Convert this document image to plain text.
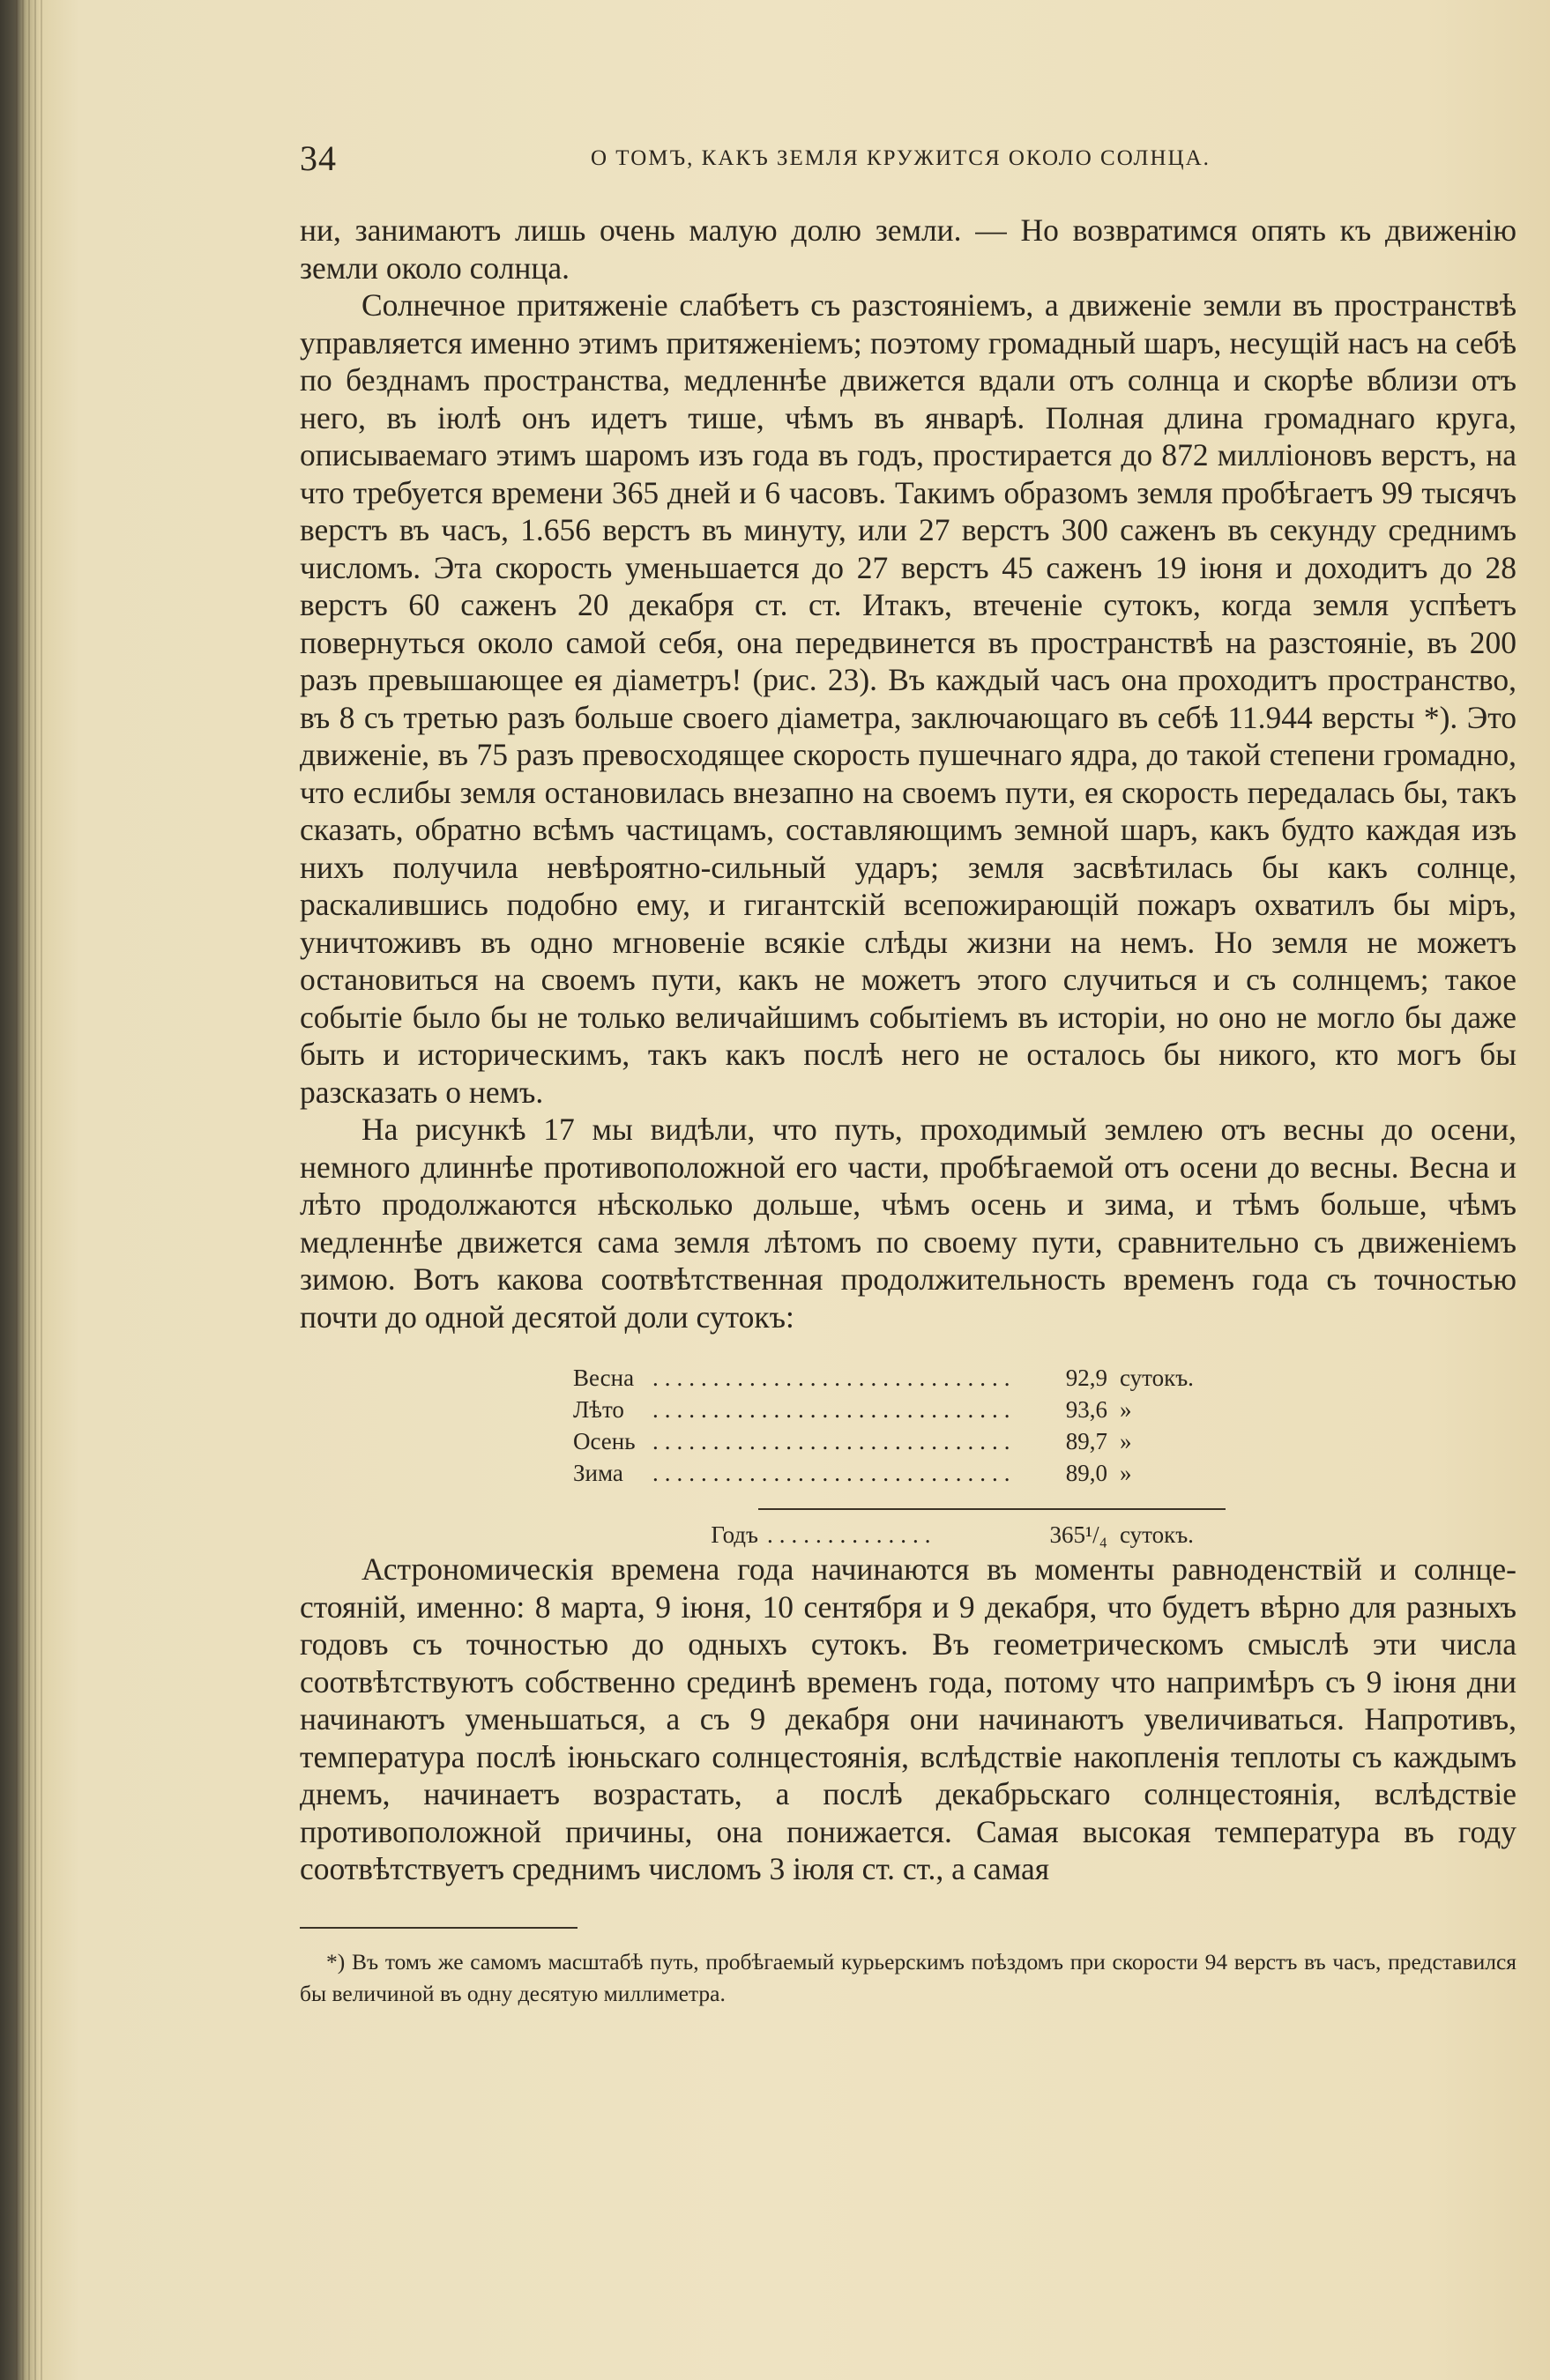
34	О ТОМЪ, КАКЪ ЗЕМЛЯ КРУЖИТСЯ ОКОЛО СОЛНЦА.

ни, занимаютъ лишь очень малую долю земли. — Но возвратимся опять къ движенію земли около солнца.

Солнечное притяженіе слабѣетъ съ разстояніемъ, а движеніе земли въ пространствѣ управляется именно этимъ притяженіемъ; поэтому громадный шаръ, несущій насъ на себѣ по безднамъ пространства, медленнѣе движется вдали отъ солнца и скорѣе вблизи отъ него, въ іюлѣ онъ идетъ тише, чѣмъ въ январѣ. Полная длина громаднаго круга, описываемаго этимъ шаромъ изъ года въ годъ, простирается до 872 милліоновъ верстъ, на что требуется времени 365 дней и 6 часовъ. Такимъ образомъ земля пробѣгаетъ 99 тысячъ верстъ въ часъ, 1.656 верстъ въ минуту, или 27 верстъ 300 саженъ въ секунду среднимъ числомъ. Эта скорость уменьшается до 27 верстъ 45 саженъ 19 іюня и доходитъ до 28 верстъ 60 саженъ 20 декабря ст. ст. Итакъ, втеченіе сутокъ, когда земля успѣетъ повернуться около самой себя, она передвинется въ пространствѣ на разстояніе, въ 200 разъ превышающее ея діаметръ! (рис. 23). Въ каждый часъ она проходитъ пространство, въ 8 съ третью разъ больше своего діаметра, заключающаго въ себѣ 11.944 версты *). Это движеніе, въ 75 разъ превосходящее скорость пушечнаго ядра, до такой степени громадно, что еслибы земля остановилась внезапно на своемъ пути, ея скорость передалась бы, такъ сказать, обратно всѣмъ частицамъ, составляющимъ земной шаръ, какъ будто каждая изъ нихъ получила невѣроятно-сильный ударъ; земля засвѣтилась бы какъ солнце, раскалившись подобно ему, и гигантскій всепожирающій пожаръ охватилъ бы міръ, уничтоживъ въ одно мгновеніе всякіе слѣды жизни на немъ. Но земля не можетъ остановиться на своемъ пути, какъ не можетъ этого случиться и съ солнцемъ; такое событіе было бы не только величайшимъ событіемъ въ исторіи, но оно не могло бы даже быть и историческимъ, такъ какъ послѣ него не осталось бы никого, кто могъ бы разсказать о немъ.

На рисункѣ 17 мы видѣли, что путь, проходимый землею отъ весны до осени, немного длиннѣе противоположной его части, пробѣгаемой отъ осени до весны. Весна и лѣто продолжаются нѣсколько дольше, чѣмъ осень и зима, и тѣмъ больше, чѣмъ медленнѣе движется сама земля лѣтомъ по своему пути, сравнительно съ движеніемъ зимою. Вотъ какова соотвѣтственная продолжительность временъ года съ точностью почти до одной десятой доли сутокъ:

Весна ..............................	92,9 сутокъ.
Лѣто	..............................	93,6 »
Осень ..............................	89,7 »
Зима	..............................	89,0 »
Годъ ..............	365¹/₄ сутокъ.

Астрономическія времена года начинаются въ моменты равноденствій и солнцестояній, именно: 8 марта, 9 іюня, 10 сентября и 9 декабря, что будетъ вѣрно для разныхъ годовъ съ точностью до одныхъ сутокъ. Въ геометрическомъ смыслѣ эти числа соотвѣтствуютъ собственно срединѣ временъ года, потому что напримѣръ съ 9 іюня дни начинаютъ уменьшаться, а съ 9 декабря они начинаютъ увеличиваться. Напротивъ, температура послѣ іюньскаго солнцестоянія, вслѣдствіе накопленія теплоты съ каждымъ днемъ, начинаетъ возрастать, а послѣ декабрьскаго солнцестоянія, вслѣдствіе противоположной причины, она понижается. Самая высокая температура въ году соотвѣтствуетъ среднимъ числомъ 3 іюля ст. ст., а самая

*) Въ томъ же самомъ масштабѣ путь, пробѣгаемый курьерскимъ поѣздомъ при скорости 94 верстъ въ часъ, представился бы величиной въ одну десятую миллиметра.
